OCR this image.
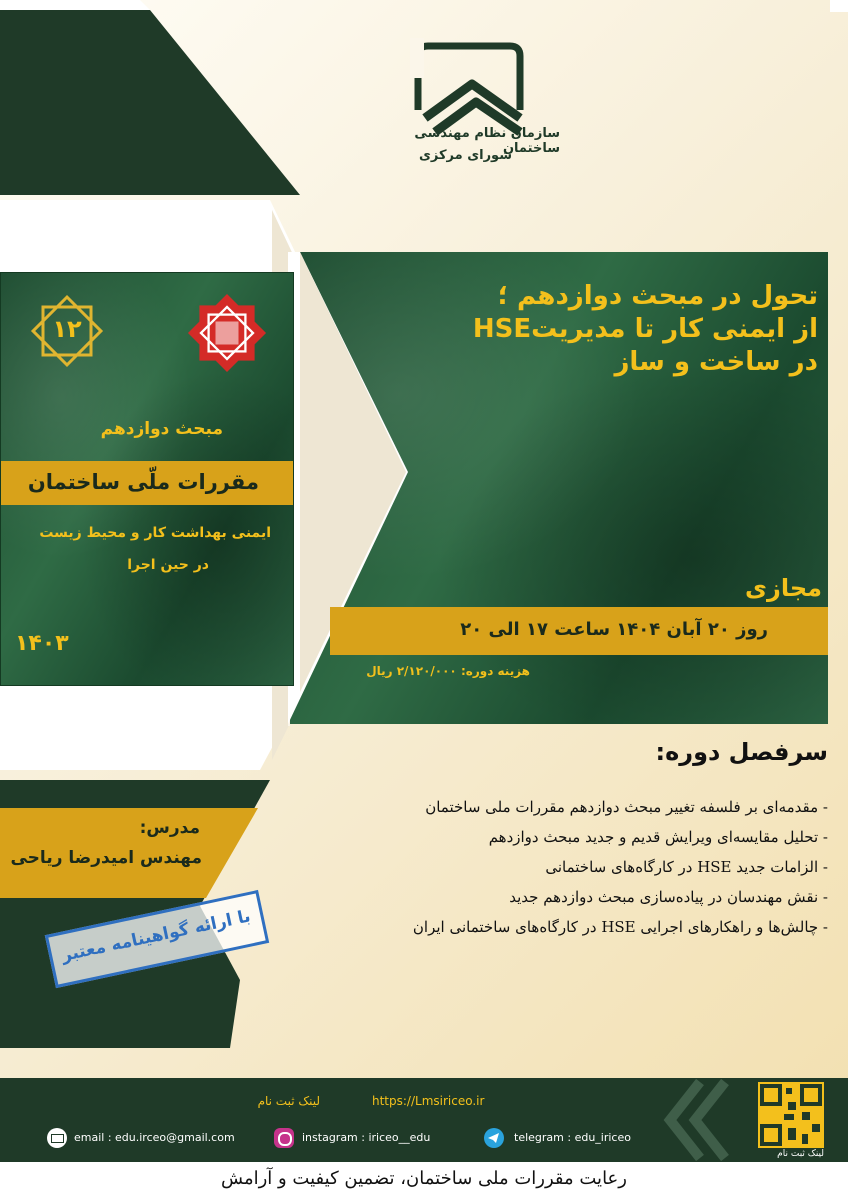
سازمان نظام مهندسی ساختمان
شورای مرکزی
تحول در مبحث دوازدهم ؛
از ایمنی کار تا مدیریتHSE
در ساخت و ساز
مجازی
روز ۲۰ آبان ۱۴۰۴ ساعت ۱۷ الی ۲۰
هزینه دوره: ۲/۱۲۰/۰۰۰ ریال
۱۲
مبحث دوازدهم
مقررات ملّی ساختمان
ایمنی بهداشت کار و محیط زیست
در حین اجرا
۱۴۰۳
سرفصل دوره:
- مقدمه‌ای بر فلسفه تغییر مبحث دوازدهم مقررات ملی ساختمان
- تحلیل مقایسه‌ای ویرایش قدیم و جدید مبحث دوازدهم
- الزامات جدید HSE در کارگاه‌های ساختمانی
- نقش مهندسان در پیاده‌سازی مبحث دوازدهم جدید
- چالش‌ها و راهکارهای اجرایی HSE در کارگاه‌های ساختمانی ایران
مدرس:
مهندس امیدرضا ریاحی
با ارائه گواهینامه معتبر
لینک ثبت نام	https://Lmsiriceo.ir
email : edu.irceo@gmail.com	instagram : iriceo__edu	telegram : edu_iriceo
لینک ثبت نام
رعایت مقررات ملی ساختمان، تضمین کیفیت و آرامش
